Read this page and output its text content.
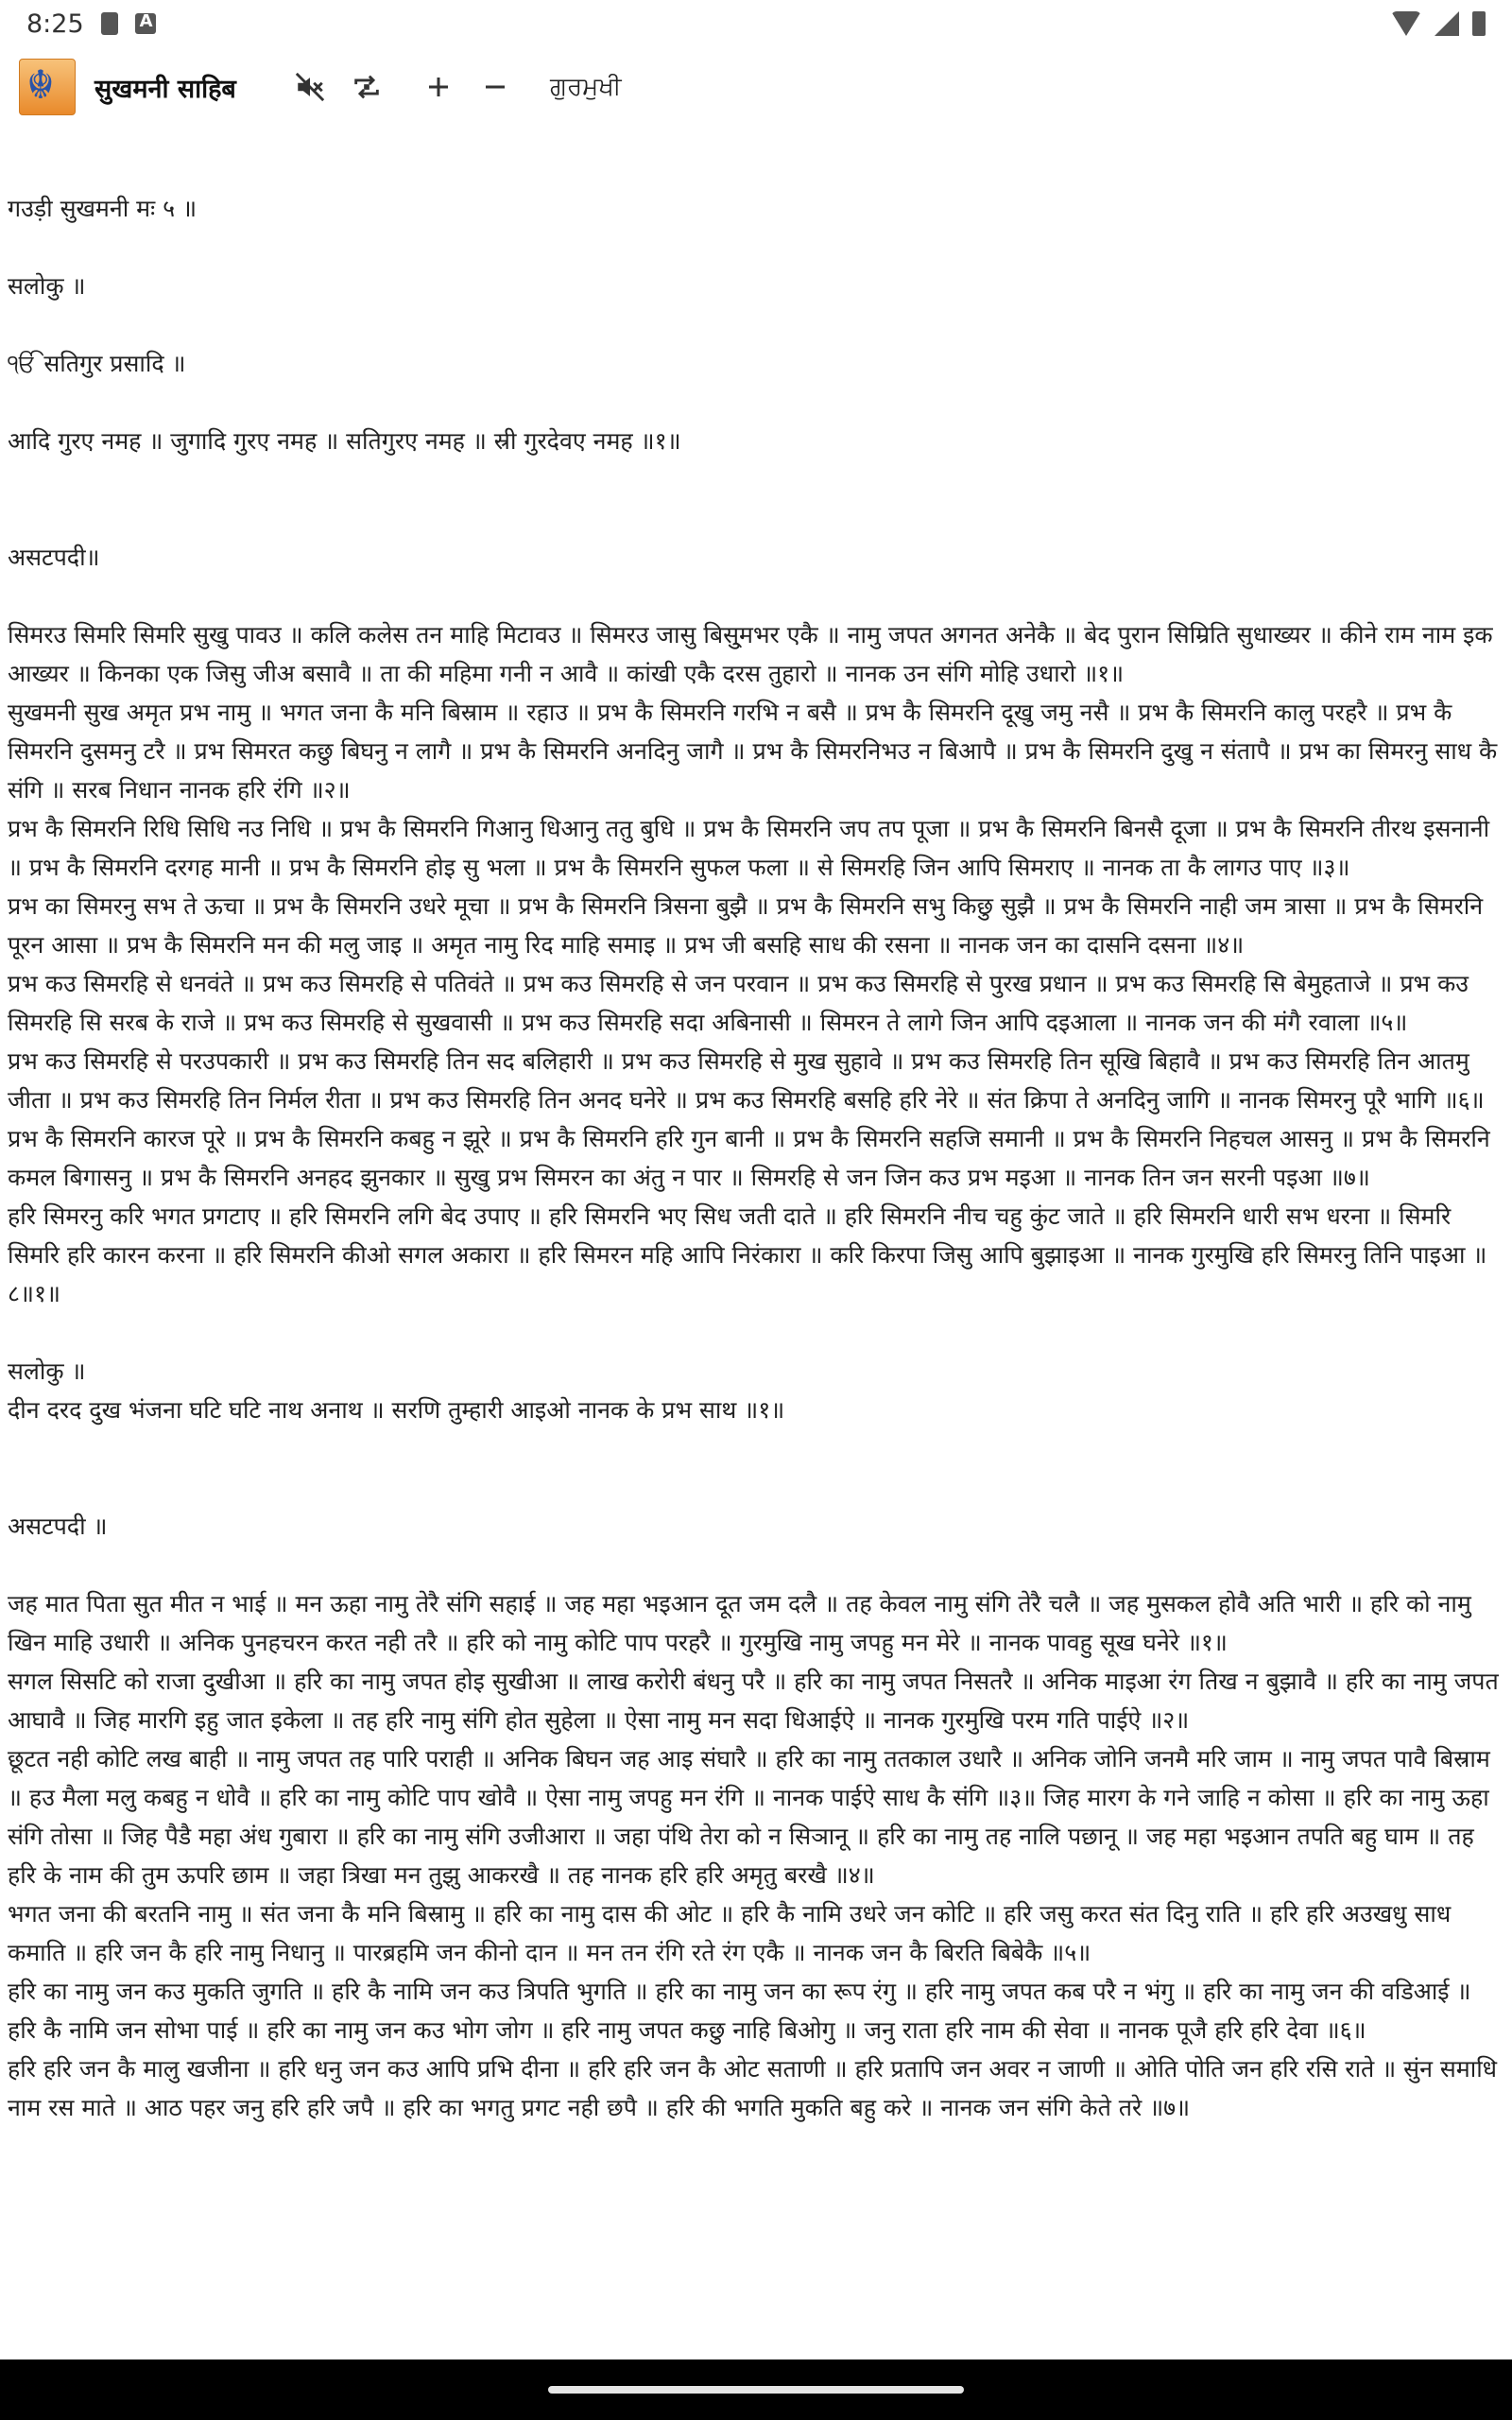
8:25
A
☬
सुखमनी साहिब	ਗੁਰਮੁਖੀ

गउड़ी सुखमनी मः ५ ॥

सलोकु ॥

ੴ सतिगुर प्रसादि ॥

आदि गुरए नमह ॥ जुगादि गुरए नमह ॥ सतिगुरए नमह ॥ स्री गुरदेवए नमह ॥१॥

असटपदी॥

सिमरउ सिमरि सिमरि सुखु पावउ ॥ कलि कलेस तन माहि मिटावउ ॥ सिमरउ जासु बिसु्मभर एकै ॥ नामु जपत अगनत अनेकै ॥ बेद पुरान सिम्रिति सुधाख्यर ॥ कीने राम नाम इक आख्यर ॥ किनका एक जिसु जीअ बसावै ॥ ता की महिमा गनी न आवै ॥ कांखी एकै दरस तुहारो ॥ नानक उन संगि मोहि उधारो ॥१॥

सुखमनी सुख अमृत प्रभ नामु ॥ भगत जना कै मनि बिस्राम ॥ रहाउ ॥ प्रभ कै सिमरनि गरभि न बसै ॥ प्रभ कै सिमरनि दूखु जमु नसै ॥ प्रभ कै सिमरनि कालु परहरै ॥ प्रभ कै सिमरनि दुसमनु टरै ॥ प्रभ सिमरत कछु बिघनु न लागै ॥ प्रभ कै सिमरनि अनदिनु जागै ॥ प्रभ कै सिमरनिभउ न बिआपै ॥ प्रभ कै सिमरनि दुखु न संतापै ॥ प्रभ का सिमरनु साध कै संगि ॥ सरब निधान नानक हरि रंगि ॥२॥

प्रभ कै सिमरनि रिधि सिधि नउ निधि ॥ प्रभ कै सिमरनि गिआनु धिआनु ततु बुधि ॥ प्रभ कै सिमरनि जप तप पूजा ॥ प्रभ कै सिमरनि बिनसै दूजा ॥ प्रभ कै सिमरनि तीरथ इसनानी ॥ प्रभ कै सिमरनि दरगह मानी ॥ प्रभ कै सिमरनि होइ सु भला ॥ प्रभ कै सिमरनि सुफल फला ॥ से सिमरहि जिन आपि सिमराए ॥ नानक ता कै लागउ पाए ॥३॥

प्रभ का सिमरनु सभ ते ऊचा ॥ प्रभ कै सिमरनि उधरे मूचा ॥ प्रभ कै सिमरनि त्रिसना बुझै ॥ प्रभ कै सिमरनि सभु किछु सुझै ॥ प्रभ कै सिमरनि नाही जम त्रासा ॥ प्रभ कै सिमरनि पूरन आसा ॥ प्रभ कै सिमरनि मन की मलु जाइ ॥ अमृत नामु रिद माहि समाइ ॥ प्रभ जी बसहि साध की रसना ॥ नानक जन का दासनि दसना ॥४॥

प्रभ कउ सिमरहि से धनवंते ॥ प्रभ कउ सिमरहि से पतिवंते ॥ प्रभ कउ सिमरहि से जन परवान ॥ प्रभ कउ सिमरहि से पुरख प्रधान ॥ प्रभ कउ सिमरहि सि बेमुहताजे ॥ प्रभ कउ सिमरहि सि सरब के राजे ॥ प्रभ कउ सिमरहि से सुखवासी ॥ प्रभ कउ सिमरहि सदा अबिनासी ॥ सिमरन ते लागे जिन आपि दइआला ॥ नानक जन की मंगै रवाला ॥५॥

प्रभ कउ सिमरहि से परउपकारी ॥ प्रभ कउ सिमरहि तिन सद बलिहारी ॥ प्रभ कउ सिमरहि से मुख सुहावे ॥ प्रभ कउ सिमरहि तिन सूखि बिहावै ॥ प्रभ कउ सिमरहि तिन आतमु जीता ॥ प्रभ कउ सिमरहि तिन निर्मल रीता ॥ प्रभ कउ सिमरहि तिन अनद घनेरे ॥ प्रभ कउ सिमरहि बसहि हरि नेरे ॥ संत क्रिपा ते अनदिनु जागि ॥ नानक सिमरनु पूरै भागि ॥६॥

प्रभ कै सिमरनि कारज पूरे ॥ प्रभ कै सिमरनि कबहु न झूरे ॥ प्रभ कै सिमरनि हरि गुन बानी ॥ प्रभ कै सिमरनि सहजि समानी ॥ प्रभ कै सिमरनि निहचल आसनु ॥ प्रभ कै सिमरनि कमल बिगासनु ॥ प्रभ कै सिमरनि अनहद झुनकार ॥ सुखु प्रभ सिमरन का अंतु न पार ॥ सिमरहि से जन जिन कउ प्रभ मइआ ॥ नानक तिन जन सरनी पइआ ॥७॥

हरि सिमरनु करि भगत प्रगटाए ॥ हरि सिमरनि लगि बेद उपाए ॥ हरि सिमरनि भए सिध जती दाते ॥ हरि सिमरनि नीच चहु कुंट जाते ॥ हरि सिमरनि धारी सभ धरना ॥ सिमरि सिमरि हरि कारन करना ॥ हरि सिमरनि कीओ सगल अकारा ॥ हरि सिमरन महि आपि निरंकारा ॥ करि किरपा जिसु आपि बुझाइआ ॥ नानक गुरमुखि हरि सिमरनु तिनि पाइआ ॥८॥१॥

सलोकु ॥

दीन दरद दुख भंजना घटि घटि नाथ अनाथ ॥ सरणि तुम्हारी आइओ नानक के प्रभ साथ ॥१॥

असटपदी ॥

जह मात पिता सुत मीत न भाई ॥ मन ऊहा नामु तेरै संगि सहाई ॥ जह महा भइआन दूत जम दलै ॥ तह केवल नामु संगि तेरै चलै ॥ जह मुसकल होवै अति भारी ॥ हरि को नामु खिन माहि उधारी ॥ अनिक पुनहचरन करत नही तरै ॥ हरि को नामु कोटि पाप परहरै ॥ गुरमुखि नामु जपहु मन मेरे ॥ नानक पावहु सूख घनेरे ॥१॥

सगल सिसटि को राजा दुखीआ ॥ हरि का नामु जपत होइ सुखीआ ॥ लाख करोरी बंधनु परै ॥ हरि का नामु जपत निसतरै ॥ अनिक माइआ रंग तिख न बुझावै ॥ हरि का नामु जपत आघावै ॥ जिह मारगि इहु जात इकेला ॥ तह हरि नामु संगि होत सुहेला ॥ ऐसा नामु मन सदा धिआईऐ ॥ नानक गुरमुखि परम गति पाईऐ ॥२॥

छूटत नही कोटि लख बाही ॥ नामु जपत तह पारि पराही ॥ अनिक बिघन जह आइ संघारै ॥ हरि का नामु ततकाल उधारै ॥ अनिक जोनि जनमै मरि जाम ॥ नामु जपत पावै बिस्राम ॥ हउ मैला मलु कबहु न धोवै ॥ हरि का नामु कोटि पाप खोवै ॥ ऐसा नामु जपहु मन रंगि ॥ नानक पाईऐ साध कै संगि ॥३॥ जिह मारग के गने जाहि न कोसा ॥ हरि का नामु ऊहा संगि तोसा ॥ जिह पैडै महा अंध गुबारा ॥ हरि का नामु संगि उजीआरा ॥ जहा पंथि तेरा को न सिञानू ॥ हरि का नामु तह नालि पछानू ॥ जह महा भइआन तपति बहु घाम ॥ तह हरि के नाम की तुम ऊपरि छाम ॥ जहा त्रिखा मन तुझु आकरखै ॥ तह नानक हरि हरि अमृतु बरखै ॥४॥

भगत जना की बरतनि नामु ॥ संत जना कै मनि बिस्रामु ॥ हरि का नामु दास की ओट ॥ हरि कै नामि उधरे जन कोटि ॥ हरि जसु करत संत दिनु राति ॥ हरि हरि अउखधु साध कमाति ॥ हरि जन कै हरि नामु निधानु ॥ पारब्रहमि जन कीनो दान ॥ मन तन रंगि रते रंग एकै ॥ नानक जन कै बिरति बिबेकै ॥५॥

हरि का नामु जन कउ मुकति जुगति ॥ हरि कै नामि जन कउ त्रिपति भुगति ॥ हरि का नामु जन का रूप रंगु ॥ हरि नामु जपत कब परै न भंगु ॥ हरि का नामु जन की वडिआई ॥ हरि कै नामि जन सोभा पाई ॥ हरि का नामु जन कउ भोग जोग ॥ हरि नामु जपत कछु नाहि बिओगु ॥ जनु राता हरि नाम की सेवा ॥ नानक पूजै हरि हरि देवा ॥६॥

हरि हरि जन कै मालु खजीना ॥ हरि धनु जन कउ आपि प्रभि दीना ॥ हरि हरि जन कै ओट सताणी ॥ हरि प्रतापि जन अवर न जाणी ॥ ओति पोति जन हरि रसि राते ॥ सुंन समाधि नाम रस माते ॥ आठ पहर जनु हरि हरि जपै ॥ हरि का भगतु प्रगट नही छपै ॥ हरि की भगति मुकति बहु करे ॥ नानक जन संगि केते तरे ॥७॥
